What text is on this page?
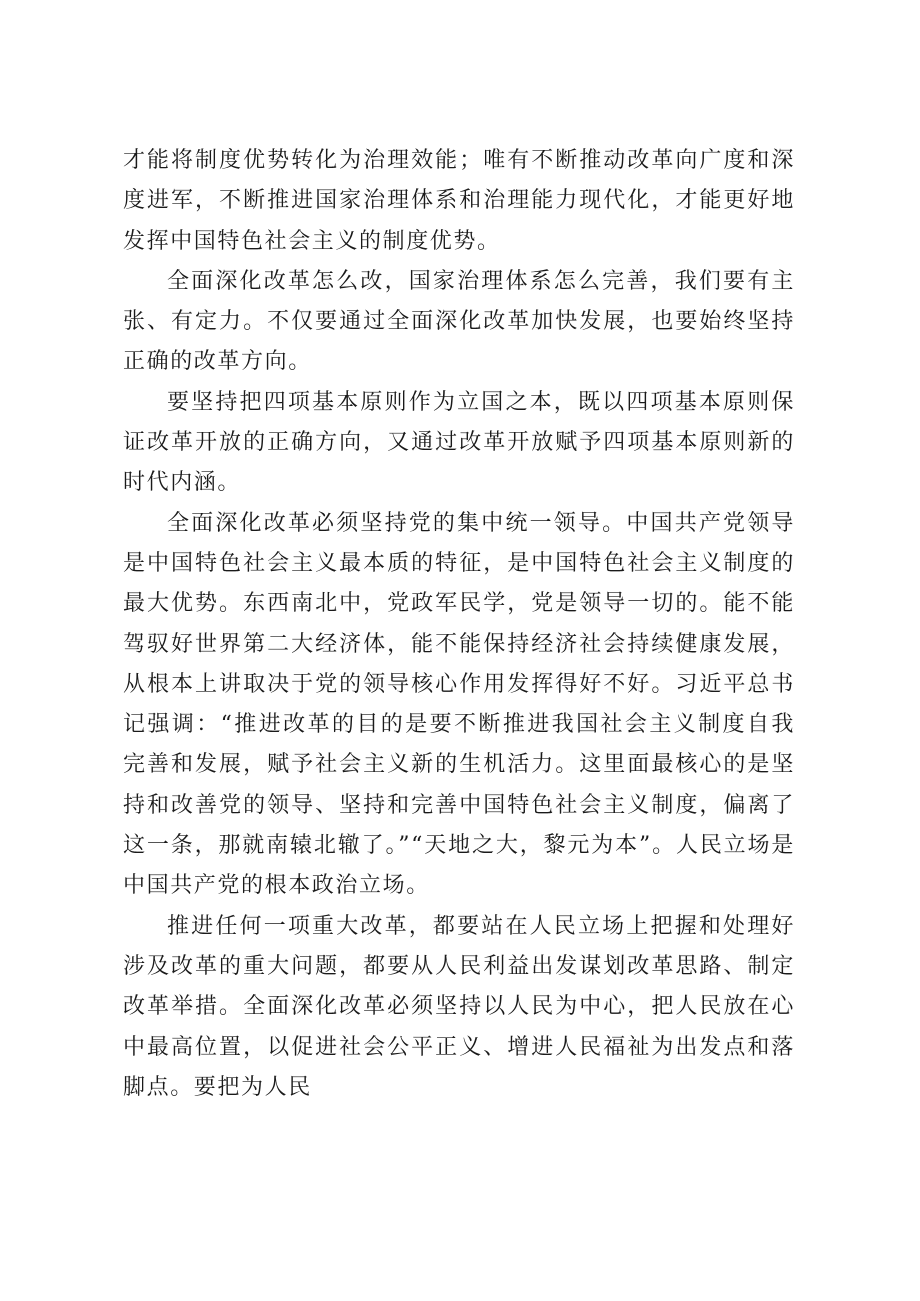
才能将制度优势转化为治理效能；唯有不断推动改革向广度和深度进军，不断推进国家治理体系和治理能力现代化，才能更好地发挥中国特色社会主义的制度优势。

全面深化改革怎么改，国家治理体系怎么完善，我们要有主张、有定力。不仅要通过全面深化改革加快发展，也要始终坚持正确的改革方向。

要坚持把四项基本原则作为立国之本，既以四项基本原则保证改革开放的正确方向，又通过改革开放赋予四项基本原则新的时代内涵。

全面深化改革必须坚持党的集中统一领导。中国共产党领导是中国特色社会主义最本质的特征，是中国特色社会主义制度的最大优势。东西南北中，党政军民学，党是领导一切的。能不能驾驭好世界第二大经济体，能不能保持经济社会持续健康发展，从根本上讲取决于党的领导核心作用发挥得好不好。习近平总书记强调：“推进改革的目的是要不断推进我国社会主义制度自我完善和发展，赋予社会主义新的生机活力。这里面最核心的是坚持和改善党的领导、坚持和完善中国特色社会主义制度，偏离了这一条，那就南辕北辙了。”“天地之大，黎元为本”。人民立场是中国共产党的根本政治立场。

推进任何一项重大改革，都要站在人民立场上把握和处理好涉及改革的重大问题，都要从人民利益出发谋划改革思路、制定改革举措。全面深化改革必须坚持以人民为中心，把人民放在心中最高位置，以促进社会公平正义、增进人民福祉为出发点和落脚点。要把为人民
